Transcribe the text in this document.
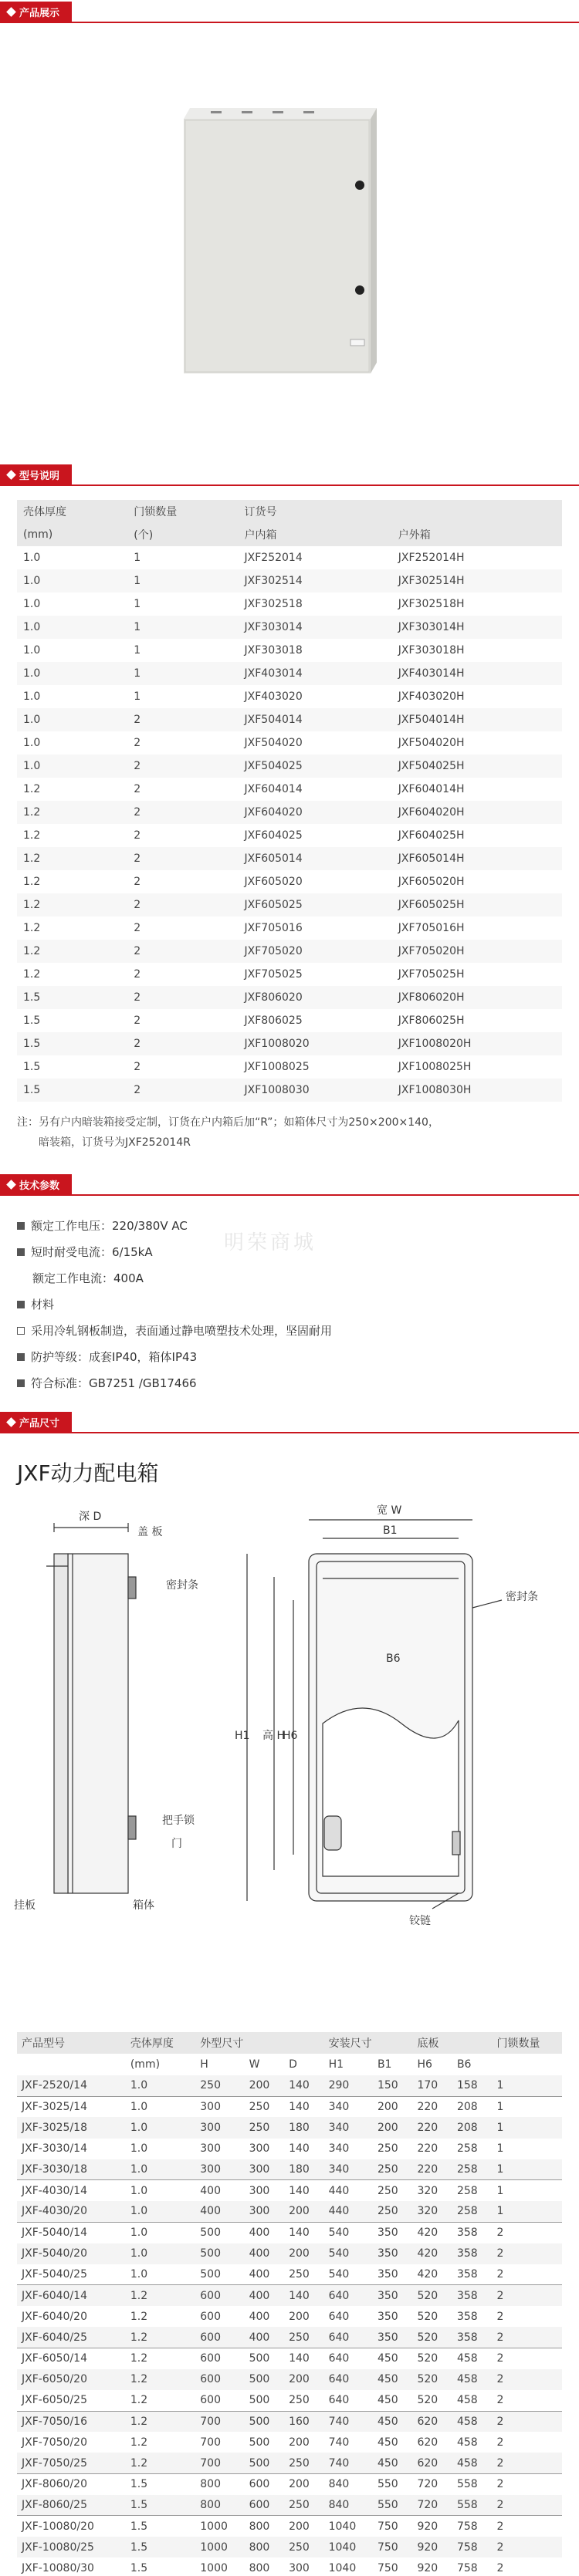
产品展示
型号说明
壳体厚度	门锁数量	订货号	
(mm)	(个)	户内箱	户外箱
1.0	1	JXF252014	JXF252014H
1.0	1	JXF302514	JXF302514H
1.0	1	JXF302518	JXF302518H
1.0	1	JXF303014	JXF303014H
1.0	1	JXF303018	JXF303018H
1.0	1	JXF403014	JXF403014H
1.0	1	JXF403020	JXF403020H
1.0	2	JXF504014	JXF504014H
1.0	2	JXF504020	JXF504020H
1.0	2	JXF504025	JXF504025H
1.2	2	JXF604014	JXF604014H
1.2	2	JXF604020	JXF604020H
1.2	2	JXF604025	JXF604025H
1.2	2	JXF605014	JXF605014H
1.2	2	JXF605020	JXF605020H
1.2	2	JXF605025	JXF605025H
1.2	2	JXF705016	JXF705016H
1.2	2	JXF705020	JXF705020H
1.2	2	JXF705025	JXF705025H
1.5	2	JXF806020	JXF806020H
1.5	2	JXF806025	JXF806025H
1.5	2	JXF1008020	JXF1008020H
1.5	2	JXF1008025	JXF1008025H
1.5	2	JXF1008030	JXF1008030H
注：另有户内暗装箱接受定制，订货在户内箱后加“R”；如箱体尺寸为250×200×140，
暗装箱，订货号为JXF252014R
技术参数
明荣商城
额定工作电压：220/380V AC
短时耐受电流：6/15kA
额定工作电流：400A
材料
采用冷轧钢板制造，表面通过静电喷塑技术处理，坚固耐用
防护等级：成套IP40，箱体IP43
符合标准：GB7251 /GB17466
产品尺寸
JXF动力配电箱
深 D
盖 板
密封条
把手锁
门
挂板	箱体
宽 W
B1
密封条
B6
H1 高 H
H6
铰链
产品型号	壳体厚度	外型尺寸			安装尺寸		底板		门锁数量
	(mm)	H	W	D	H1	B1	H6	B6	
JXF-2520/14	1.0	250	200	140	290	150	170	158	1
JXF-3025/14	1.0	300	250	140	340	200	220	208	1
JXF-3025/18	1.0	300	250	180	340	200	220	208	1
JXF-3030/14	1.0	300	300	140	340	250	220	258	1
JXF-3030/18	1.0	300	300	180	340	250	220	258	1
JXF-4030/14	1.0	400	300	140	440	250	320	258	1
JXF-4030/20	1.0	400	300	200	440	250	320	258	1
JXF-5040/14	1.0	500	400	140	540	350	420	358	2
JXF-5040/20	1.0	500	400	200	540	350	420	358	2
JXF-5040/25	1.0	500	400	250	540	350	420	358	2
JXF-6040/14	1.2	600	400	140	640	350	520	358	2
JXF-6040/20	1.2	600	400	200	640	350	520	358	2
JXF-6040/25	1.2	600	400	250	640	350	520	358	2
JXF-6050/14	1.2	600	500	140	640	450	520	458	2
JXF-6050/20	1.2	600	500	200	640	450	520	458	2
JXF-6050/25	1.2	600	500	250	640	450	520	458	2
JXF-7050/16	1.2	700	500	160	740	450	620	458	2
JXF-7050/20	1.2	700	500	200	740	450	620	458	2
JXF-7050/25	1.2	700	500	250	740	450	620	458	2
JXF-8060/20	1.5	800	600	200	840	550	720	558	2
JXF-8060/25	1.5	800	600	250	840	550	720	558	2
JXF-10080/20	1.5	1000	800	200	1040	750	920	758	2
JXF-10080/25	1.5	1000	800	250	1040	750	920	758	2
JXF-10080/30	1.5	1000	800	300	1040	750	920	758	2
